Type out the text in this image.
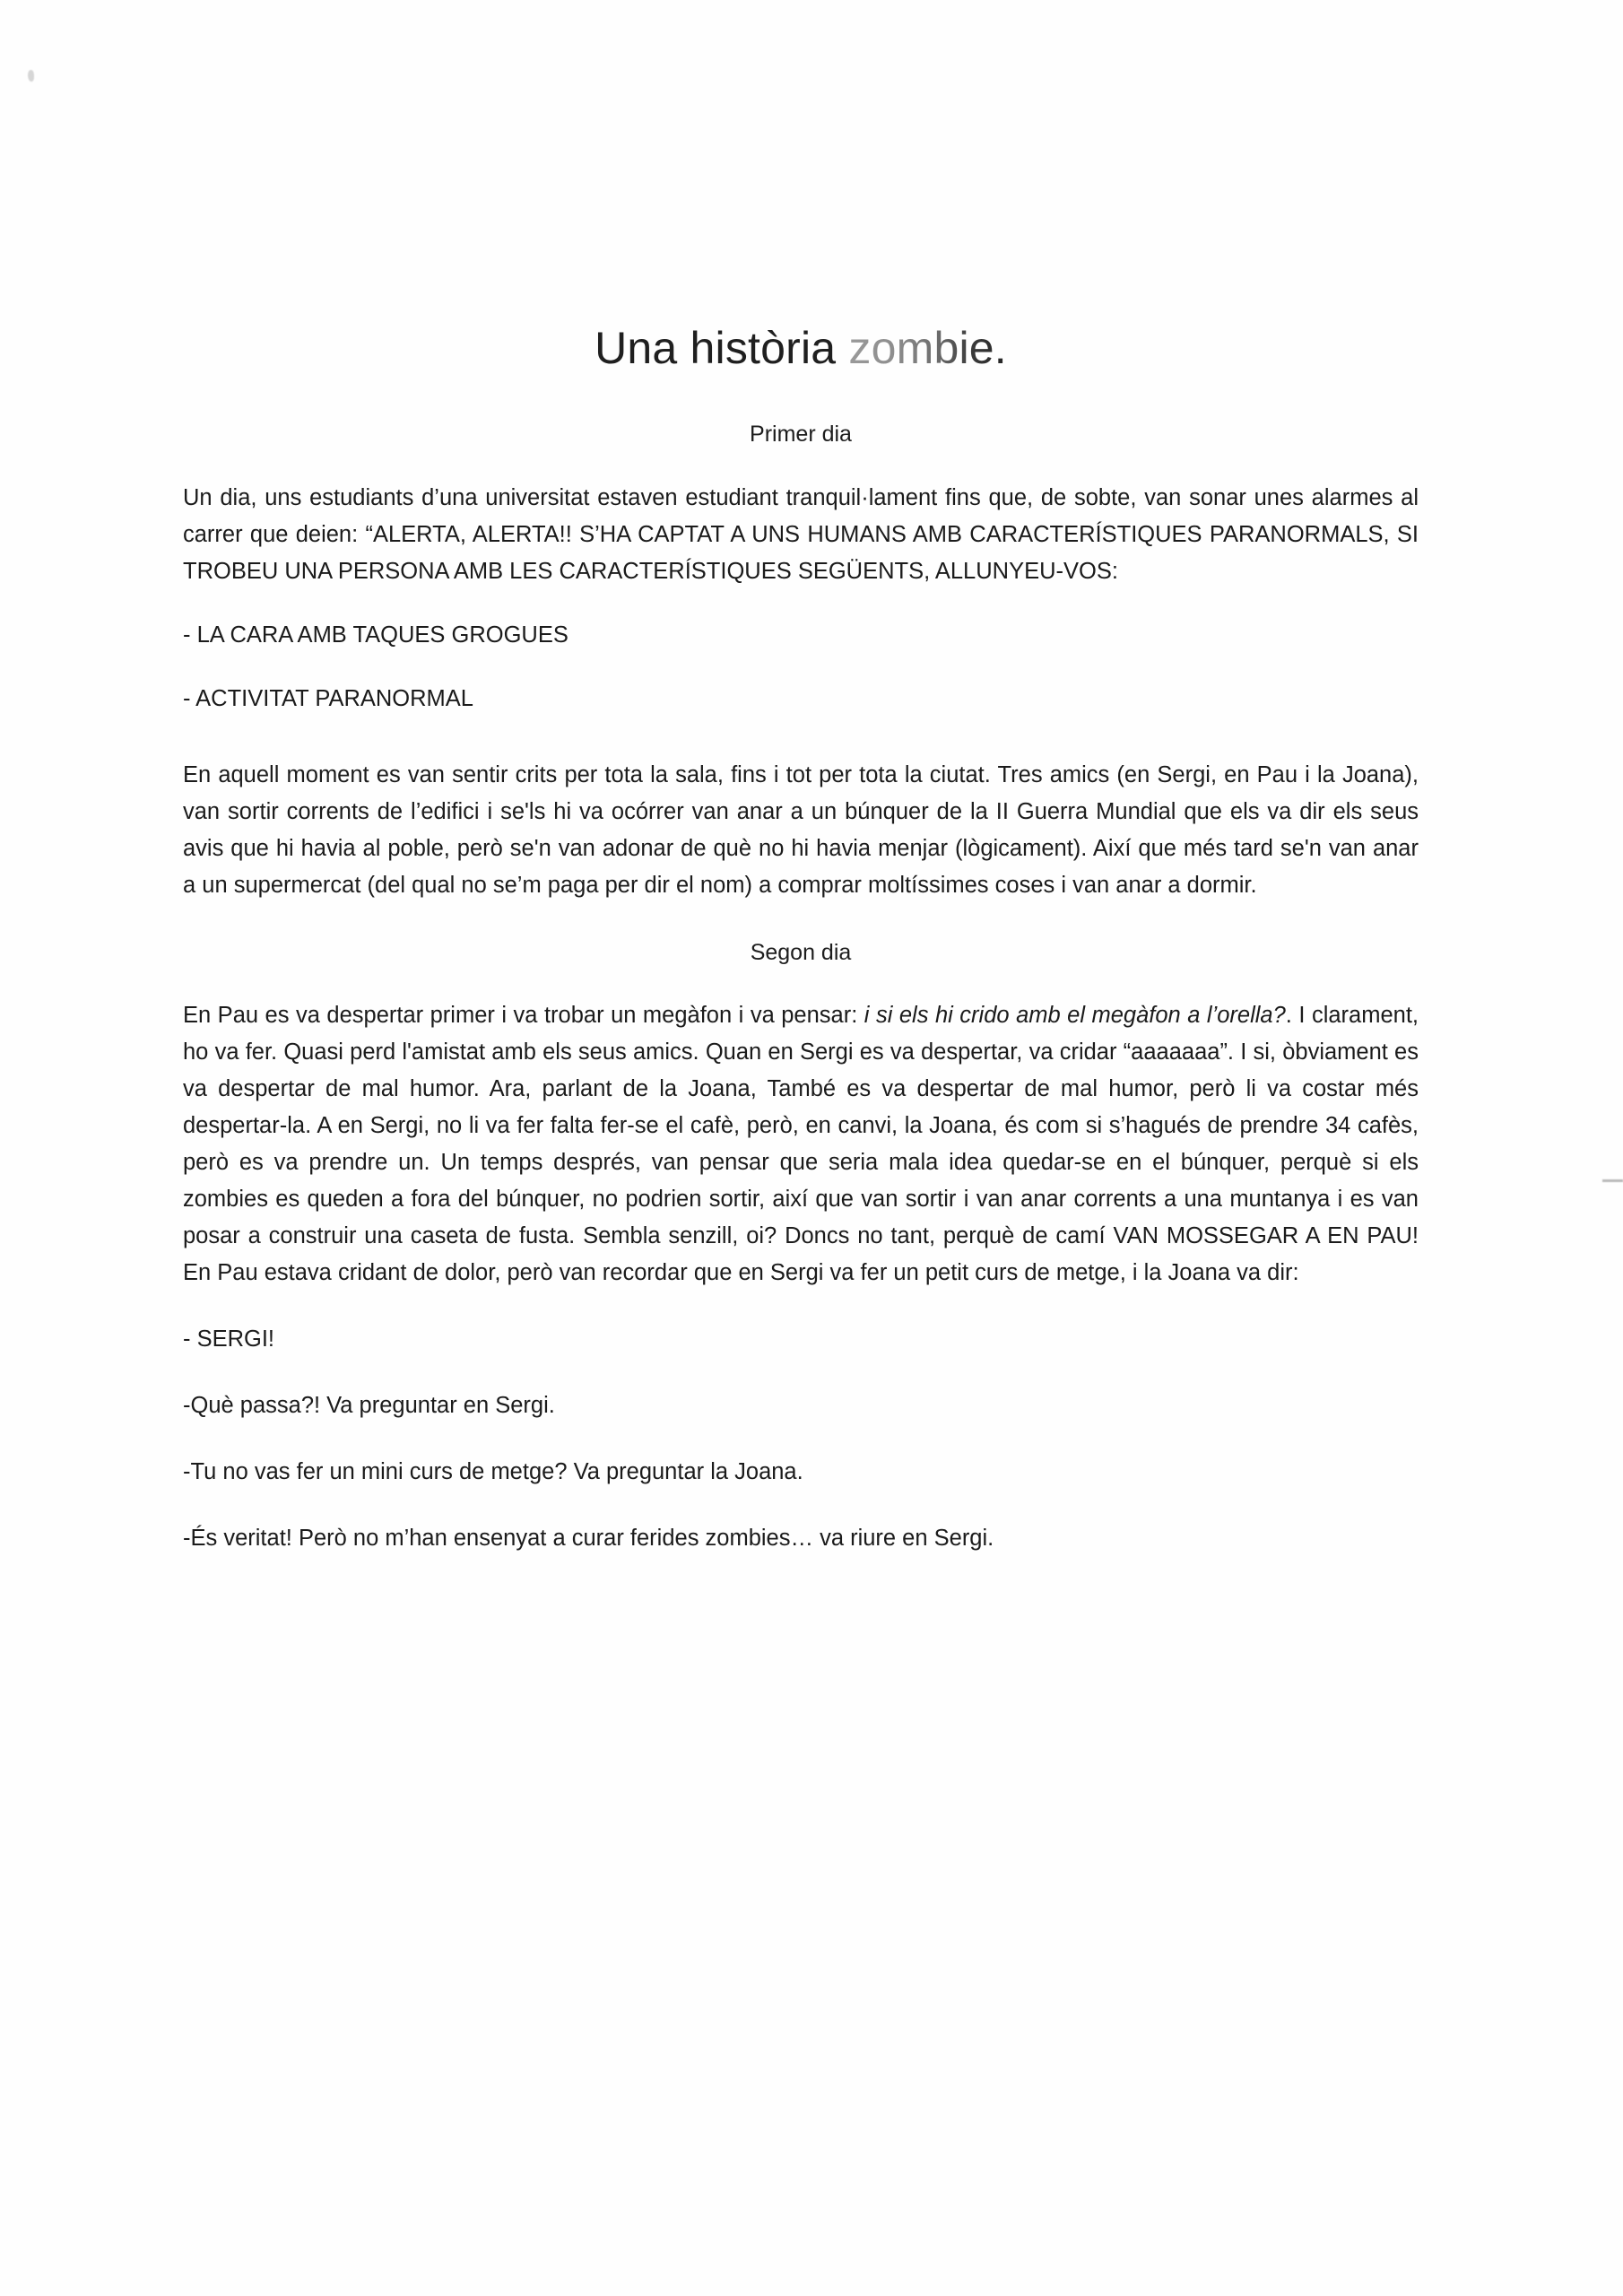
Una història zombie.
Primer dia

Un dia, uns estudiants d’una universitat estaven estudiant tranquil·lament fins que, de sobte, van sonar unes alarmes al carrer que deien: “ALERTA, ALERTA!! S’HA CAPTAT A UNS HUMANS AMB CARACTERÍSTIQUES PARANORMALS, SI TROBEU UNA PERSONA AMB LES CARACTERÍSTIQUES SEGÜENTS, ALLUNYEU-VOS:

- LA CARA AMB TAQUES GROGUES

- ACTIVITAT PARANORMAL

En aquell moment es van sentir crits per tota la sala, fins i tot per tota la ciutat. Tres amics (en Sergi, en Pau i la Joana), van sortir corrents de l’edifici i se'ls hi va ocórrer van anar a un búnquer de la II Guerra Mundial que els va dir els seus avis que hi havia al poble, però se'n van adonar de què no hi havia menjar (lògicament). Així que més tard se'n van anar a un supermercat (del qual no se’m paga per dir el nom) a comprar moltíssimes coses i van anar a dormir.

Segon dia

En Pau es va despertar primer i va trobar un megàfon i va pensar: i si els hi crido amb el megàfon a l’orella?. I clarament, ho va fer. Quasi perd l'amistat amb els seus amics. Quan en Sergi es va despertar, va cridar “aaaaaaa”. I si, òbviament es va despertar de mal humor. Ara, parlant de la Joana, També es va despertar de mal humor, però li va costar més despertar-la. A en Sergi, no li va fer falta fer-se el cafè, però, en canvi, la Joana, és com si s’hagués de prendre 34 cafès, però es va prendre un. Un temps després, van pensar que seria mala idea quedar-se en el búnquer, perquè si els zombies es queden a fora del búnquer, no podrien sortir, així que van sortir i van anar corrents a una muntanya i es van posar a construir una caseta de fusta. Sembla senzill, oi? Doncs no tant, perquè de camí VAN MOSSEGAR A EN PAU! En Pau estava cridant de dolor, però van recordar que en Sergi va fer un petit curs de metge, i la Joana va dir:

- SERGI!

-Què passa?! Va preguntar en Sergi.

-Tu no vas fer un mini curs de metge? Va preguntar la Joana.

-És veritat! Però no m’han ensenyat a curar ferides zombies… va riure en Sergi.
